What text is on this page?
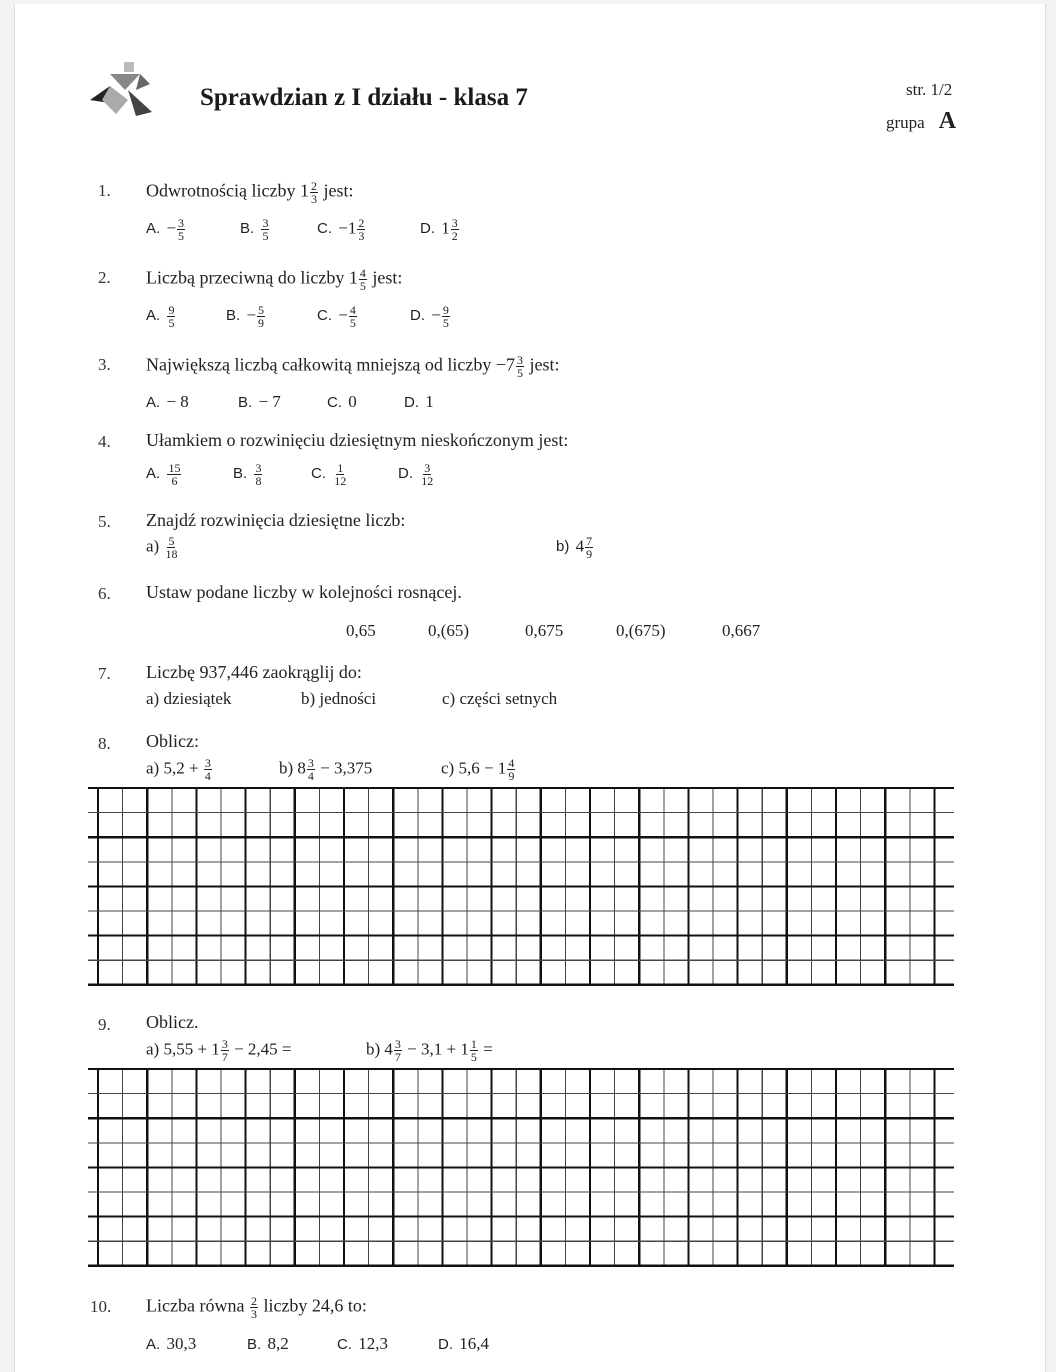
Sprawdzian z I działu - klasa 7	str. 1/2
grupa A
1. Odwrotnością liczby $1 \frac{2}{3}$ jest:
A. − $\frac{3}{5}$	B. $\frac{3}{5}$	C. $-1 \frac{2}{3}$	D. $1 \frac{3}{2}$
2. Liczbą przeciwną do liczby $1 \frac{4}{5}$ jest:
A. $\frac{9}{5}$	B. − $\frac{5}{9}$	C. − $\frac{4}{5}$	D. − $\frac{9}{5}$
3. Największą liczbą całkowitą mniejszą od liczby $-7 \frac{3}{5}$ jest:
A. − 8	B. − 7	C. 0	D. 1
4. Ułamkiem o rozwinięciu dziesiętnym nieskończonym jest:
A. $\frac{15}{6}$	B. $\frac{3}{8}$	C. $\frac{1}{12}$	D. $\frac{3}{12}$
5. Znajdź rozwinięcia dziesiętne liczb:
$a) \frac{5}{18}$	b) $4 \frac{7}{9}$
6. Ustaw podane liczby w kolejności rosnącej.
0,65	0,(65)	0,675	0,(675)	0,667
7. Liczbę 937,446 zaokrąglij do:
a) dziesiątek	b) jedności	c) części setnych
8. Oblicz:
a) $5,2 + \frac{3}{4}$	b) $8 \frac{3}{4} - 3,375$	c) $5,6 - 1 \frac{4}{9}$
9. Oblicz.
a) $5,55 + 1 \frac{3}{7} - 2,45$ =	b) $4 \frac{3}{7} - 3,1 + 1 \frac{1}{5}$ =
10. Liczba równa $\frac{2}{3}$ liczby 24,6 to:
A. 30,3	B. 8,2	C. 12,3	D. 16,4
